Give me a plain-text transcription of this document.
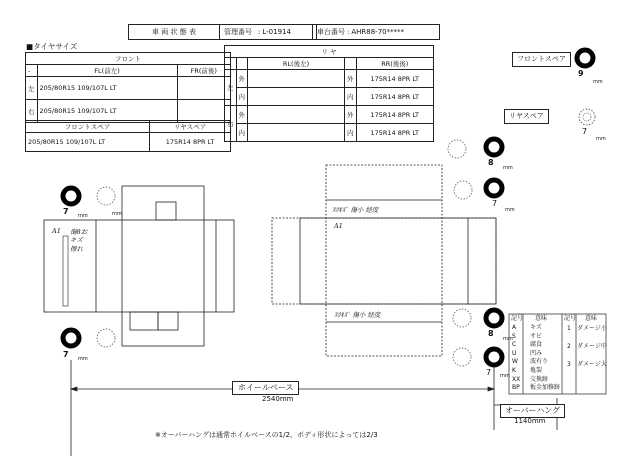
車 両 状 態 表	管理番号 : L-01914	車台番号 : AHR88-70*****
■タイヤサイズ
フロント		
-	FL(前左)	FR(前後)
左	205/80R15 109/107L LT	
右	205/80R15 109/107L LT	
フロントスペア	リヤスペア
205/80R15 109/107L LT	175R14 8PR LT
リ ヤ				
-		RL(後左)		RR(後後)
左	外		外	175R14 8PR LT
	内		内	175R14 8PR LT
右	外		外	175R14 8PR LT
	内		内	175R14 8PR LT
フロントスペア
9
mm
リヤスペア
7
mm
7 mm	mm
7 mm
8
mm
7
mm
8
mm
7 mm
A1 傷8お
キズ
擦れ
ｽﾘｷｽﾞ 傷小 経度
A1
ｽﾘｷｽﾞ 傷小 経度	記号 意味	記号 意味
A キズ
S サビ
C 腐食
U 凹み
W 波有り
K 亀裂
XX 交換跡
BP 板金加修跡
1 ダメージ小
2 ダメージ中
3 ダメージ大
ホイールベース
2540mm
オーバーハング
1140mm
※オーバーハングは通常ホイルベースの1/2、ボディ形状によっては2/3
